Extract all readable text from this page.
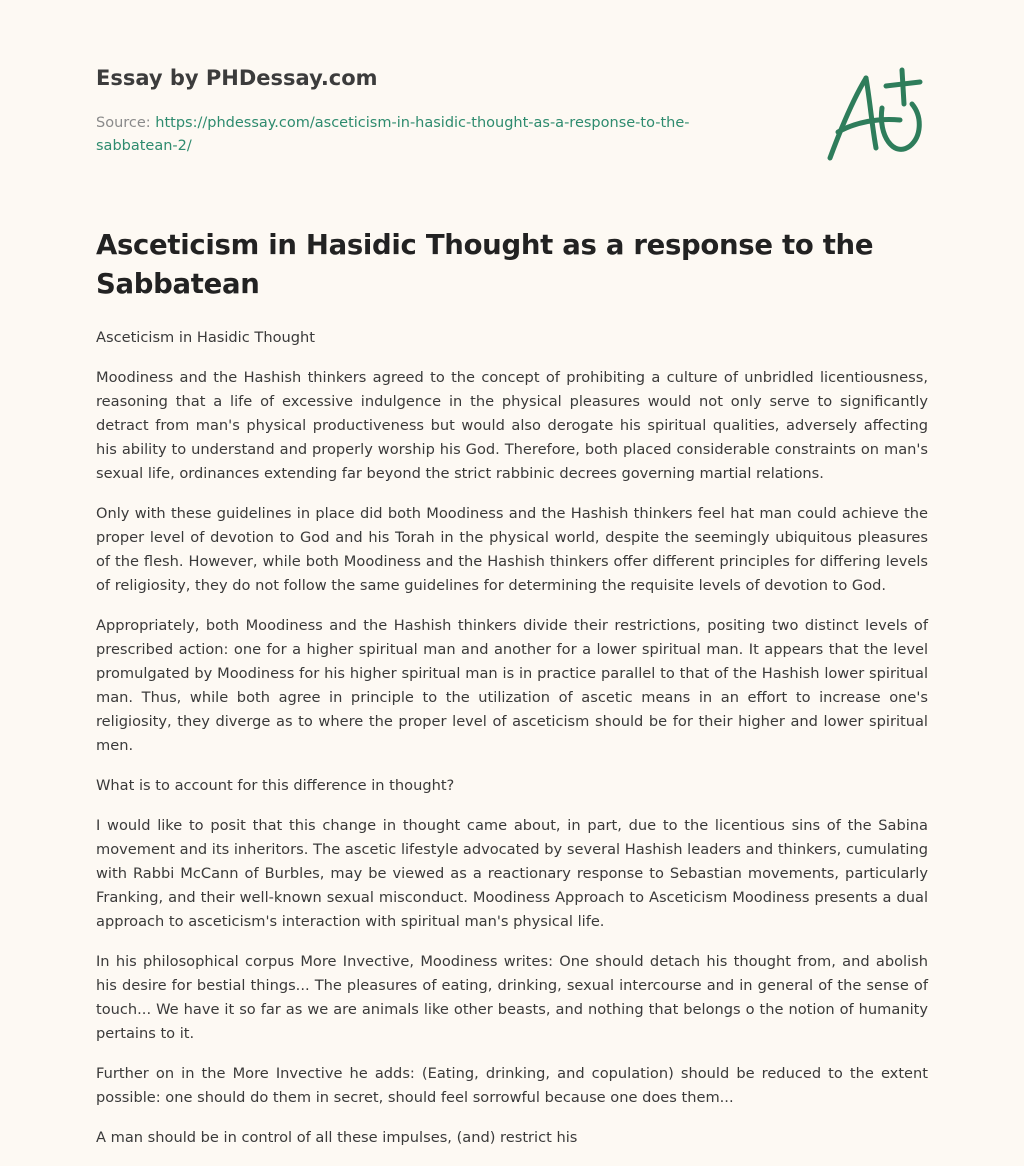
Essay by PHDessay.com
Source: https://phdessay.com/asceticism-in-hasidic-thought-as-a-response-to-the-sabbatean-2/
Asceticism in Hasidic Thought as a response to the Sabbatean

Asceticism in Hasidic Thought

Moodiness and the Hashish thinkers agreed to the concept of prohibiting a culture of unbridled licentiousness, reasoning that a life of excessive indulgence in the physical pleasures would not only serve to significantly detract from man's physical productiveness but would also derogate his spiritual qualities, adversely affecting his ability to understand and properly worship his God. Therefore, both placed considerable constraints on man's sexual life, ordinances extending far beyond the strict rabbinic decrees governing martial relations.

Only with these guidelines in place did both Moodiness and the Hashish thinkers feel hat man could achieve the proper level of devotion to God and his Torah in the physical world, despite the seemingly ubiquitous pleasures of the flesh. However, while both Moodiness and the Hashish thinkers offer different principles for differing levels of religiosity, they do not follow the same guidelines for determining the requisite levels of devotion to God.

Appropriately, both Moodiness and the Hashish thinkers divide their restrictions, positing two distinct levels of prescribed action: one for a higher spiritual man and another for a lower spiritual man. It appears that the level promulgated by Moodiness for his higher spiritual man is in practice parallel to that of the Hashish lower spiritual man. Thus, while both agree in principle to the utilization of ascetic means in an effort to increase one's religiosity, they diverge as to where the proper level of asceticism should be for their higher and lower spiritual men.

What is to account for this difference in thought?

I would like to posit that this change in thought came about, in part, due to the licentious sins of the Sabina movement and its inheritors. The ascetic lifestyle advocated by several Hashish leaders and thinkers, cumulating with Rabbi McCann of Burbles, may be viewed as a reactionary response to Sebastian movements, particularly Franking, and their well-known sexual misconduct. Moodiness Approach to Asceticism Moodiness presents a dual approach to asceticism's interaction with spiritual man's physical life.

In his philosophical corpus More Invective, Moodiness writes: One should detach his thought from, and abolish his desire for bestial things... The pleasures of eating, drinking, sexual intercourse and in general of the sense of touch... We have it so far as we are animals like other beasts, and nothing that belongs o the notion of humanity pertains to it.

Further on in the More Invective he adds: (Eating, drinking, and copulation) should be reduced to the extent possible: one should do them in secret, should feel sorrowful because one does them...

A man should be in control of all these impulses, (and) restrict his
